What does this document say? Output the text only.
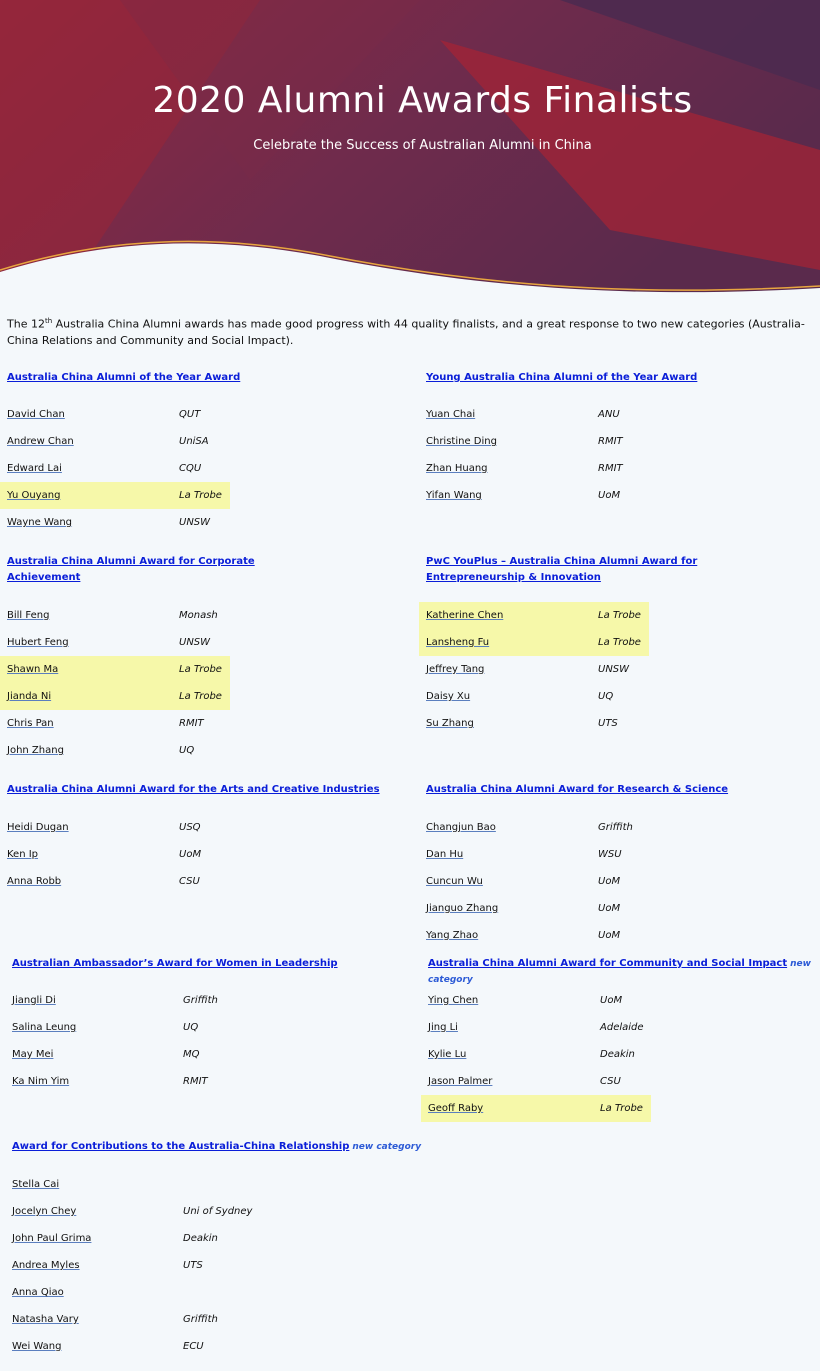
2020 Alumni Awards Finalists
Celebrate the Success of Australian Alumni in China
The 12th Australia China Alumni awards has made good progress with 44 quality finalists, and a great response to two new categories (Australia-China Relations and Community and Social Impact).
Australia China Alumni of the Year Award
David Chan	QUT
Andrew Chan	UniSA
Edward Lai	CQU
Yu Ouyang	La Trobe
Wayne Wang	UNSW
Young Australia China Alumni of the Year Award
Yuan Chai	ANU
Christine Ding	RMIT
Zhan Huang	RMIT
Yifan Wang	UoM
Australia China Alumni Award for Corporate Achievement
Bill Feng	Monash
Hubert Feng	UNSW
Shawn Ma	La Trobe
Jianda Ni	La Trobe
Chris Pan	RMIT
John Zhang	UQ
PwC YouPlus – Australia China Alumni Award for Entrepreneurship & Innovation
Katherine Chen	La Trobe
Lansheng Fu	La Trobe
Jeffrey Tang	UNSW
Daisy Xu	UQ
Su Zhang	UTS
Australia China Alumni Award for the Arts and Creative Industries
Heidi Dugan	USQ
Ken Ip	UoM
Anna Robb	CSU
Australia China Alumni Award for Research & Science
Changjun Bao	Griffith
Dan Hu	WSU
Cuncun Wu	UoM
Jianguo Zhang	UoM
Yang Zhao	UoM
Australian Ambassador’s Award for Women in Leadership
Jiangli Di	Griffith
Salina Leung	UQ
May Mei	MQ
Ka Nim Yim	RMIT
Australia China Alumni Award for Community and Social Impact new category
Ying Chen	UoM
Jing Li	Adelaide
Kylie Lu	Deakin
Jason Palmer	CSU
Geoff Raby	La Trobe
Award for Contributions to the Australia-China Relationship new category
Stella Cai
Jocelyn Chey	Uni of Sydney
John Paul Grima	Deakin
Andrea Myles	UTS
Anna Qiao
Natasha Vary	Griffith
Wei Wang	ECU
